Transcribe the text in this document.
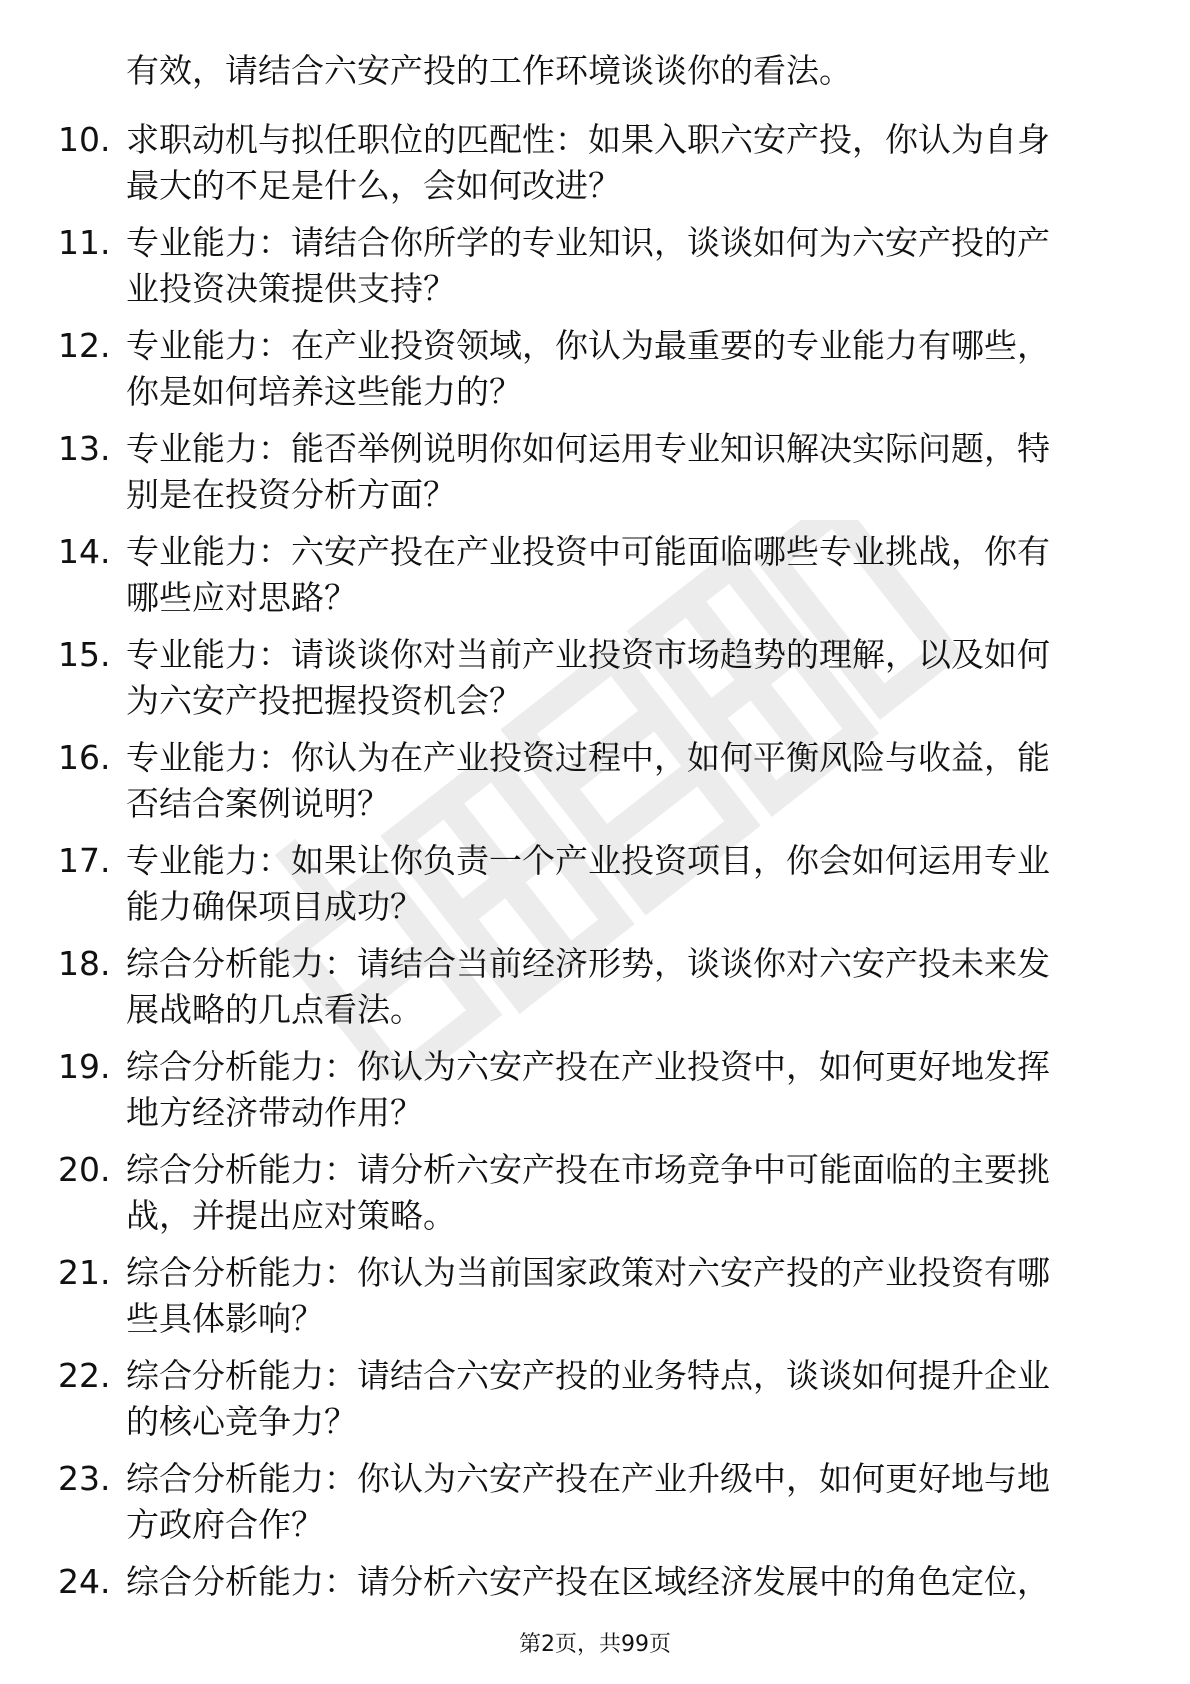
有效，请结合六安产投的工作环境谈谈你的看法。
10. 求职动机与拟任职位的匹配性：如果入职六安产投，你认为自身
最大的不足是什么，会如何改进？
11. 专业能力：请结合你所学的专业知识，谈谈如何为六安产投的产
业投资决策提供支持？
12. 专业能力：在产业投资领域，你认为最重要的专业能力有哪些，
你是如何培养这些能力的？
13. 专业能力：能否举例说明你如何运用专业知识解决实际问题，特
别是在投资分析方面？
14. 专业能力：六安产投在产业投资中可能面临哪些专业挑战，你有
哪些应对思路？
15. 专业能力：请谈谈你对当前产业投资市场趋势的理解，以及如何
为六安产投把握投资机会？
16. 专业能力：你认为在产业投资过程中，如何平衡风险与收益，能
否结合案例说明？
17. 专业能力：如果让你负责一个产业投资项目，你会如何运用专业
能力确保项目成功？
18. 综合分析能力：请结合当前经济形势，谈谈你对六安产投未来发
展战略的几点看法。
19. 综合分析能力：你认为六安产投在产业投资中，如何更好地发挥
地方经济带动作用？
20. 综合分析能力：请分析六安产投在市场竞争中可能面临的主要挑
战，并提出应对策略。
21. 综合分析能力：你认为当前国家政策对六安产投的产业投资有哪
些具体影响？
22. 综合分析能力：请结合六安产投的业务特点，谈谈如何提升企业
的核心竞争力？
23. 综合分析能力：你认为六安产投在产业升级中，如何更好地与地
方政府合作？
24. 综合分析能力：请分析六安产投在区域经济发展中的角色定位，
第2页，共99页
